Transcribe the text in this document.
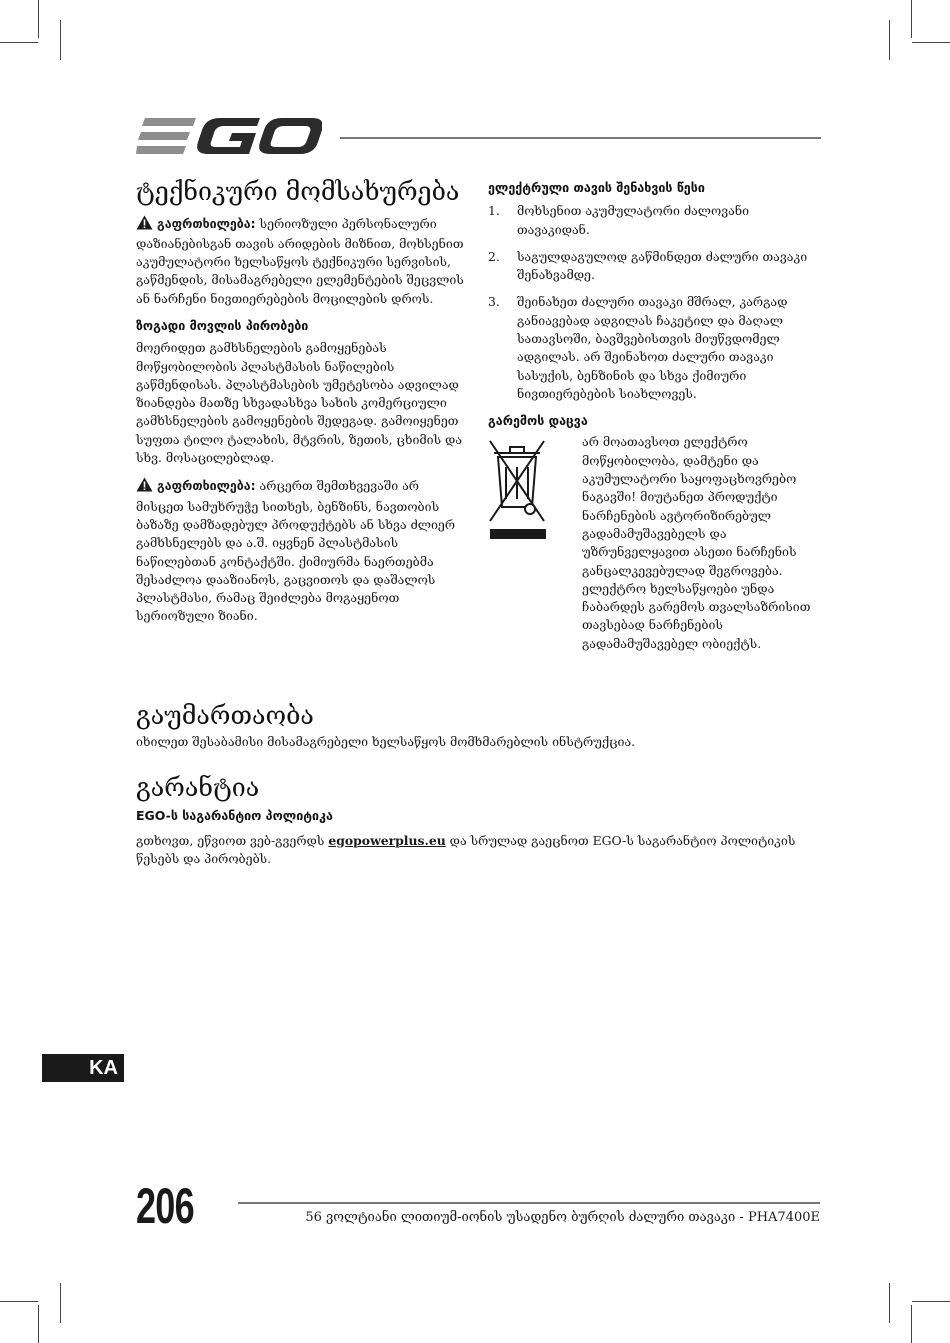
ტექნიკური მომსახურება
გაფრთხილება: სერიოზული პერსონალური დაზიანებისგან თავის არიდების მიზნით, მოხსენით აკუმულატორი ხელსაწყოს ტექნიკური სერვისის, გაწმენდის, მისამაგრებელი ელემენტების შეცვლის ან ნარჩენი ნივთიერებების მოცილების დროს.
ზოგადი მოვლის პირობები
მოერიდეთ გამხსნელების გამოყენებას მოწყობილობის პლასტმასის ნაწილების გაწმენდისას. პლასტმასების უმეტესობა ადვილად ზიანდება მათზე სხვადასხვა სახის კომერციული გამხსნელების გამოყენების შედეგად. გამოიყენეთ სუფთა ტილო ტალახის, მტვრის, ზეთის, ცხიმის და სხვ. მოსაცილებლად.
გაფრთხილება: არცერთ შემთხვევაში არ მისცეთ სამუხრუჭე სითხეს, ბენზინს, ნავთობის ბაზაზე დამზადებულ პროდუქტებს ან სხვა ძლიერ გამხსნელებს და ა.შ. იყვნენ პლასტმასის ნაწილებთან კონტაქტში. ქიმიურმა ნაერთებმა შესაძლოა დააზიანოს, გაცვითოს და დაშალოს პლასტმასი, რამაც შეიძლება მოგაყენოთ სერიოზული ზიანი.
ელექტრული თავის შენახვის წესი
1. მოხსენით აკუმულატორი ძალოვანი თავაკიდან.
2. საგულდაგულოდ გაწმინდეთ ძალური თავაკი შენახვამდე.
3. შეინახეთ ძალური თავაკი მშრალ, კარგად განიავებად ადგილას ჩაკეტილ და მაღალ სათავსოში, ბავშვებისთვის მიუწვდომელ ადგილას. არ შეინახოთ ძალური თავაკი სასუქის, ბენზინის და სხვა ქიმიური ნივთიერებების სიახლოვეს.
გარემოს დაცვა
არ მოათავსოთ ელექტრო მოწყობილობა, დამტენი და აკუმულატორი საყოფაცხოვრებო ნაგავში! მიუტანეთ პროდუქტი ნარჩენების ავტორიზირებულ გადამამუშავებელს და უზრუნველყავით ასეთი ნარჩენის განცალკევებულად შეგროვება. ელექტრო ხელსაწყოები უნდა ჩაბარდეს გარემოს თვალსაზრისით თავსებად ნარჩენების გადამამუშავებელ ობიექტს.
გაუმართაობა
იხილეთ შესაბამისი მისამაგრებელი ხელსაწყოს მომხმარებლის ინსტრუქცია.
გარანტია
EGO-ს საგარანტიო პოლიტიკა
გთხოვთ, ეწვიოთ ვებ-გვერდს egopowerplus.eu და სრულად გაეცნოთ EGO-ს საგარანტიო პოლიტიკის წესებს და პირობებს.
KA
206	56 ვოლტიანი ლითიუმ-იონის უსადენო ბურღის ძალური თავაკი - PHA7400E
